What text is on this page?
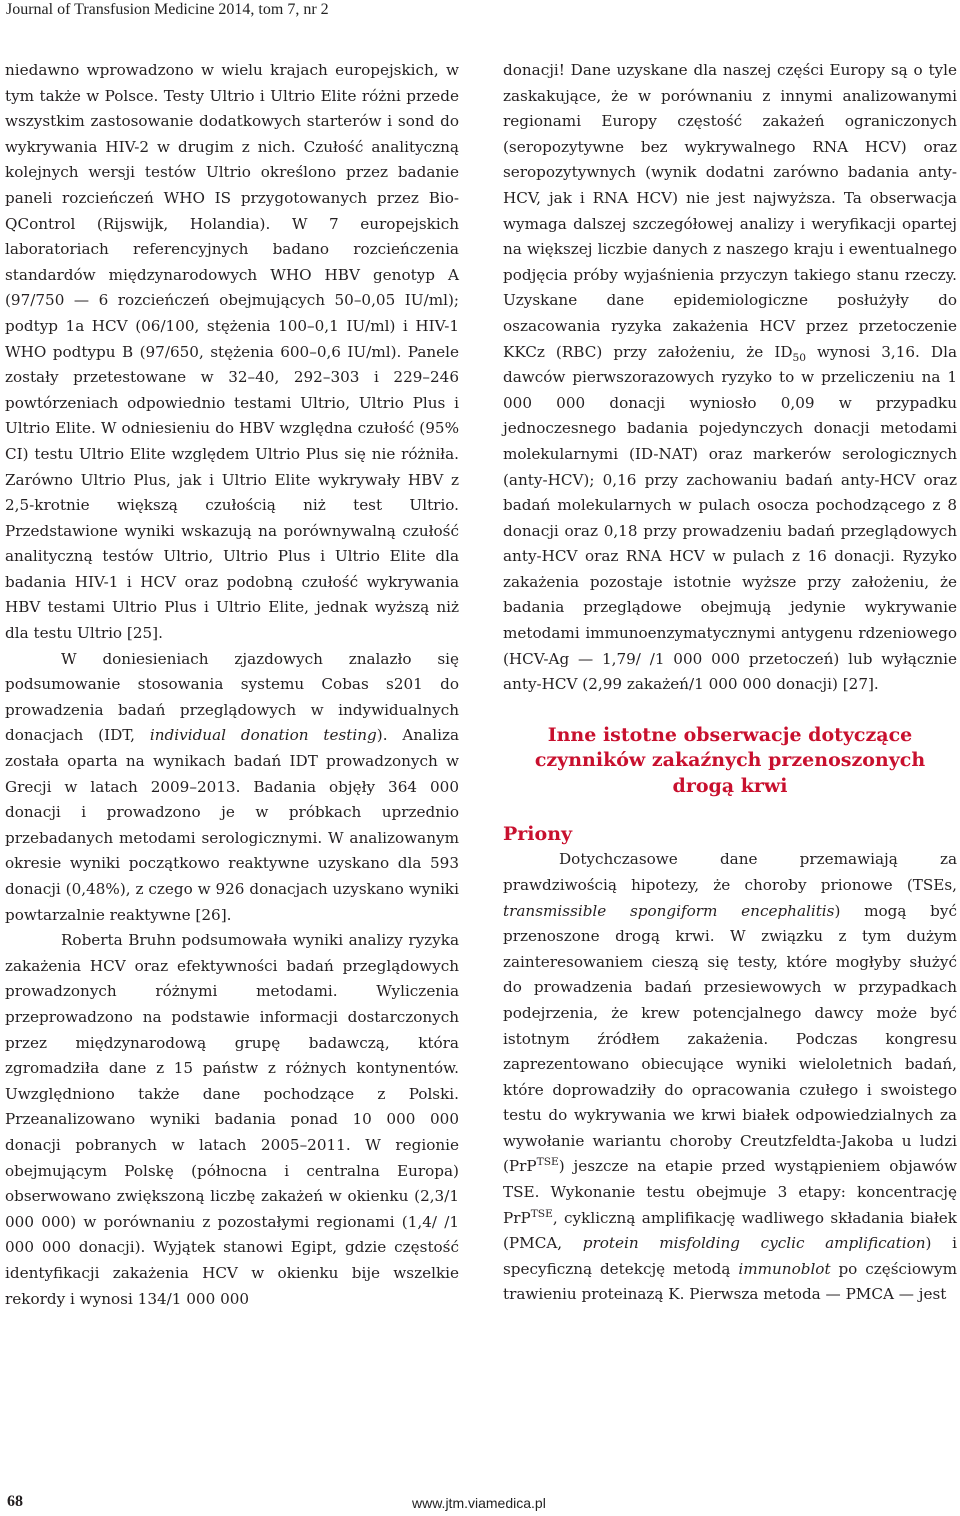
Journal of Transfusion Medicine 2014, tom 7, nr 2

niedawno wprowadzono w wielu krajach europejskich, w tym także w Polsce. Testy Ultrio i Ultrio Elite różni przede wszystkim zastosowanie dodatkowych starterów i sond do wykrywania HIV-2 w drugim z nich. Czułość analityczną kolejnych wersji testów Ultrio określono przez badanie paneli rozcieńczeń WHO IS przygotowanych przez Bio-QControl (Rijswijk, Holandia). W 7 europejskich laboratoriach referencyjnych badano rozcieńczenia standardów międzynarodowych WHO HBV genotyp A (97/750 — 6 rozcieńczeń obejmujących 50–0,05 IU/ml); podtyp 1a HCV (06/100, stężenia 100–0,1 IU/ml) i HIV-1 WHO podtypu B (97/650, stężenia 600–0,6 IU/ml). Panele zostały przetestowane w 32–40, 292–303 i 229–246 powtórzeniach odpowiednio testami Ultrio, Ultrio Plus i Ultrio Elite. W odniesieniu do HBV względna czułość (95% CI) testu Ultrio Elite względem Ultrio Plus się nie różniła. Zarówno Ultrio Plus, jak i Ultrio Elite wykrywały HBV z 2,5-krotnie większą czułością niż test Ultrio. Przedstawione wyniki wskazują na porównywalną czułość analityczną testów Ultrio, Ultrio Plus i Ultrio Elite dla badania HIV-1 i HCV oraz podobną czułość wykrywania HBV testami Ultrio Plus i Ultrio Elite, jednak wyższą niż dla testu Ultrio [25].

W doniesieniach zjazdowych znalazło się podsumowanie stosowania systemu Cobas s201 do prowadzenia badań przeglądowych w indywidualnych donacjach (IDT, individual donation testing). Analiza została oparta na wynikach badań IDT prowadzonych w Grecji w latach 2009–2013. Badania objęły 364 000 donacji i prowadzono je w próbkach uprzednio przebadanych metodami serologicznymi. W analizowanym okresie wyniki początkowo reaktywne uzyskano dla 593 donacji (0,48%), z czego w 926 donacjach uzyskano wyniki powtarzalnie reaktywne [26].

Roberta Bruhn podsumowała wyniki analizy ryzyka zakażenia HCV oraz efektywności badań przeglądowych prowadzonych różnymi metodami. Wyliczenia przeprowadzono na podstawie informacji dostarczonych przez międzynarodową grupę badawczą, która zgromadziła dane z 15 państw z różnych kontynentów. Uwzględniono także dane pochodzące z Polski. Przeanalizowano wyniki badania ponad 10 000 000 donacji pobranych w latach 2005–2011. W regionie obejmującym Polskę (północna i centralna Europa) obserwowano zwiększoną liczbę zakażeń w okienku (2,3/1 000 000) w porównaniu z pozostałymi regionami (1,4/ /1 000 000 donacji). Wyjątek stanowi Egipt, gdzie częstość identyfikacji zakażenia HCV w okienku bije wszelkie rekordy i wynosi 134/1 000 000

donacji! Dane uzyskane dla naszej części Europy są o tyle zaskakujące, że w porównaniu z innymi analizowanymi regionami Europy częstość zakażeń ograniczonych (seropozytywne bez wykrywalnego RNA HCV) oraz seropozytywnych (wynik dodatni zarówno badania anty-HCV, jak i RNA HCV) nie jest najwyższa. Ta obserwacja wymaga dalszej szczegółowej analizy i weryfikacji opartej na większej liczbie danych z naszego kraju i ewentualnego podjęcia próby wyjaśnienia przyczyn takiego stanu rzeczy. Uzyskane dane epidemiologiczne posłużyły do oszacowania ryzyka zakażenia HCV przez przetoczenie KKCz (RBC) przy założeniu, że $ID_{50}$ wynosi 3,16. Dla dawców pierwszorazowych ryzyko to w przeliczeniu na 1 000 000 donacji wyniosło 0,09 w przypadku jednoczesnego badania pojedynczych donacji metodami molekularnymi (ID-NAT) oraz markerów serologicznych (anty-HCV); 0,16 przy zachowaniu badań anty-HCV oraz badań molekularnych w pulach osocza pochodzącego z 8 donacji oraz 0,18 przy prowadzeniu badań przeglądowych anty-HCV oraz RNA HCV w pulach z 16 donacji. Ryzyko zakażenia pozostaje istotnie wyższe przy założeniu, że badania przeglądowe obejmują jedynie wykrywanie metodami immunoenzymatycznymi antygenu rdzeniowego (HCV-Ag — 1,79/ /1 000 000 przetoczeń) lub wyłącznie anty-HCV (2,99 zakażeń/1 000 000 donacji) [27].

Inne istotne obserwacje dotyczące czynników zakaźnych przenoszonych drogą krwi
Priony

Dotychczasowe dane przemawiają za prawdziwością hipotezy, że choroby prionowe (TSEs, transmissible spongiform encephalitis) mogą być przenoszone drogą krwi. W związku z tym dużym zainteresowaniem cieszą się testy, które mogłyby służyć do prowadzenia badań przesiewowych w przypadkach podejrzenia, że krew potencjalnego dawcy może być istotnym źródłem zakażenia. Podczas kongresu zaprezentowano obiecujące wyniki wieloletnich badań, które doprowadziły do opracowania czułego i swoistego testu do wykrywania we krwi białek odpowiedzialnych za wywołanie wariantu choroby Creutzfeldta-Jakoba u ludzi (PrP$^{TSE}$) jeszcze na etapie przed wystąpieniem objawów TSE. Wykonanie testu obejmuje 3 etapy: koncentrację PrP$^{TSE}$, cykliczną amplifikację wadliwego składania białek (PMCA, protein misfolding cyclic amplification) i specyficzną detekcję metodą immunoblot po częściowym trawieniu proteinazą K. Pierwsza metoda — PMCA — jest

68	www.jtm.viamedica.pl
